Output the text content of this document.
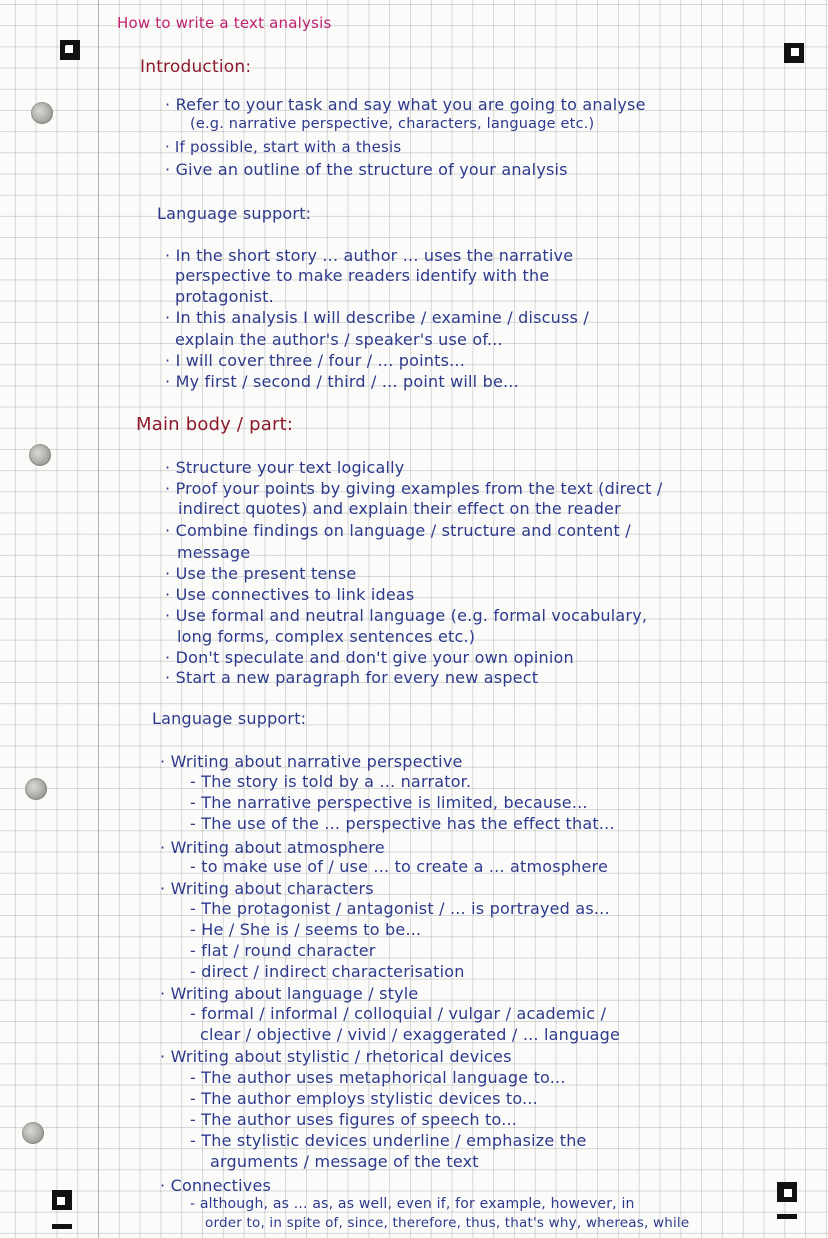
How to write a text analysis
Introduction:
· Refer to your task and say what you are going to analyse
(e.g. narrative perspective, characters, language etc.)
· If possible, start with a thesis
· Give an outline of the structure of your analysis
Language support:
· In the short story ... author ... uses the narrative
perspective to make readers identify with the
protagonist.
· In this analysis I will describe / examine / discuss /
explain the author's / speaker's use of...
· I will cover three / four / ... points...
· My first / second / third / ... point will be...
Main body / part:
· Structure your text logically
· Proof your points by giving examples from the text (direct /
indirect quotes) and explain their effect on the reader
· Combine findings on language / structure and content /
message
· Use the present tense
· Use connectives to link ideas
· Use formal and neutral language (e.g. formal vocabulary,
long forms, complex sentences etc.)
· Don't speculate and don't give your own opinion
· Start a new paragraph for every new aspect
Language support:
· Writing about narrative perspective
- The story is told by a ... narrator.
- The narrative perspective is limited, because...
- The use of the ... perspective has the effect that...
· Writing about atmosphere
- to make use of / use ... to create a ... atmosphere
· Writing about characters
- The protagonist / antagonist / ... is portrayed as...
- He / She is / seems to be...
- flat / round character
- direct / indirect characterisation
· Writing about language / style
- formal / informal / colloquial / vulgar / academic /
clear / objective / vivid / exaggerated / ... language
· Writing about stylistic / rhetorical devices
- The author uses metaphorical language to...
- The author employs stylistic devices to...
- The author uses figures of speech to...
- The stylistic devices underline / emphasize the
arguments / message of the text
· Connectives
- although, as ... as, as well, even if, for example, however, in
order to, in spite of, since, therefore, thus, that's why, whereas, while
